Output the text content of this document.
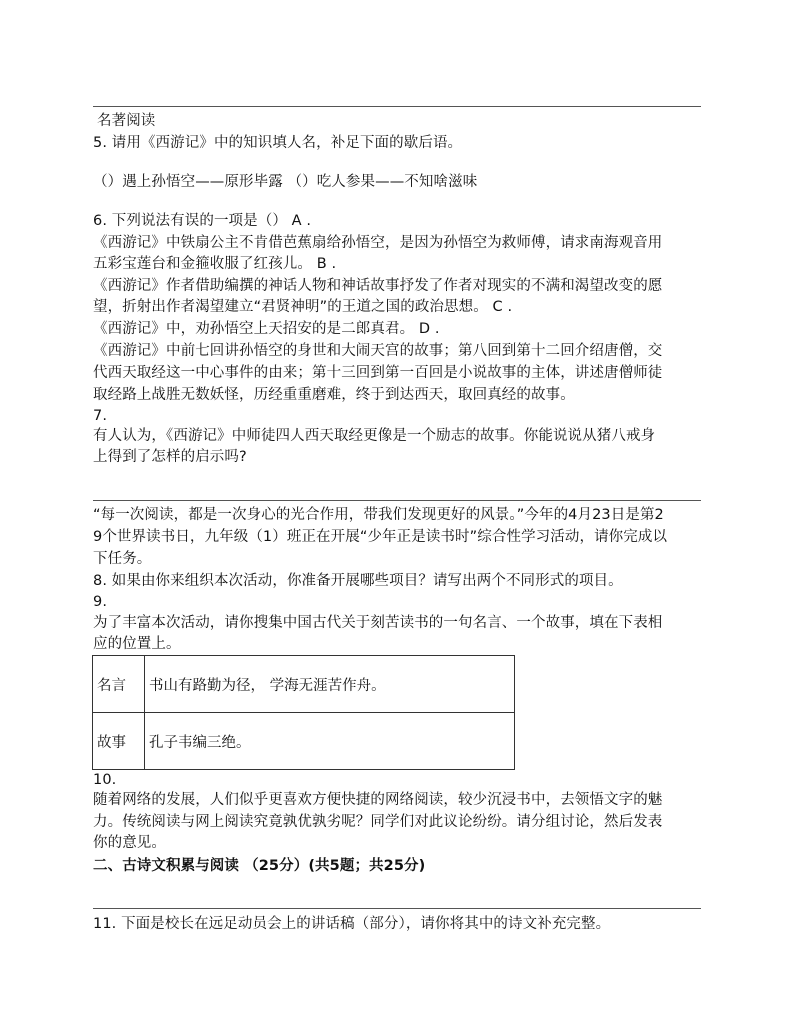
名著阅读
5. 请用《西游记》中的知识填人名，补足下面的歇后语。
（）遇上孙悟空——原形毕露 （）吃人参果——不知啥滋味
6. 下列说法有误的一项是（） A .
《西游记》中铁扇公主不肯借芭蕉扇给孙悟空，是因为孙悟空为救师傅，请求南海观音用
五彩宝莲台和金箍收服了红孩儿。 B .
《西游记》作者借助编撰的神话人物和神话故事抒发了作者对现实的不满和渴望改变的愿
望，折射出作者渴望建立“君贤神明”的王道之国的政治思想。 C .
《西游记》中，劝孙悟空上天招安的是二郎真君。 D .
《西游记》中前七回讲孙悟空的身世和大闹天宫的故事；第八回到第十二回介绍唐僧，交
代西天取经这一中心事件的由来；第十三回到第一百回是小说故事的主体，讲述唐僧师徒
取经路上战胜无数妖怪，历经重重磨难，终于到达西天，取回真经的故事。
7.
有人认为，《西游记》中师徒四人西天取经更像是一个励志的故事。你能说说从猪八戒身
上得到了怎样的启示吗?
“每一次阅读，都是一次身心的光合作用，带我们发现更好的风景。”今年的4月23日是第2
9个世界读书日，九年级（1）班正在开展“少年正是读书时”综合性学习活动，请你完成以
下任务。
8. 如果由你来组织本次活动，你准备开展哪些项目？请写出两个不同形式的项目。
9.
为了丰富本次活动，请你搜集中国古代关于刻苦读书的一句名言、一个故事，填在下表相
应的位置上。
名言	书山有路勤为径， 学海无涯苦作舟。
故事	孔子韦编三绝。
10.
随着网络的发展，人们似乎更喜欢方便快捷的网络阅读，较少沉浸书中，去领悟文字的魅
力。传统阅读与网上阅读究竟孰优孰劣呢？同学们对此议论纷纷。请分组讨论，然后发表
你的意见。
二、古诗文积累与阅读 （25分）(共5题；共25分)
11. 下面是校长在远足动员会上的讲话稿（部分），请你将其中的诗文补充完整。
